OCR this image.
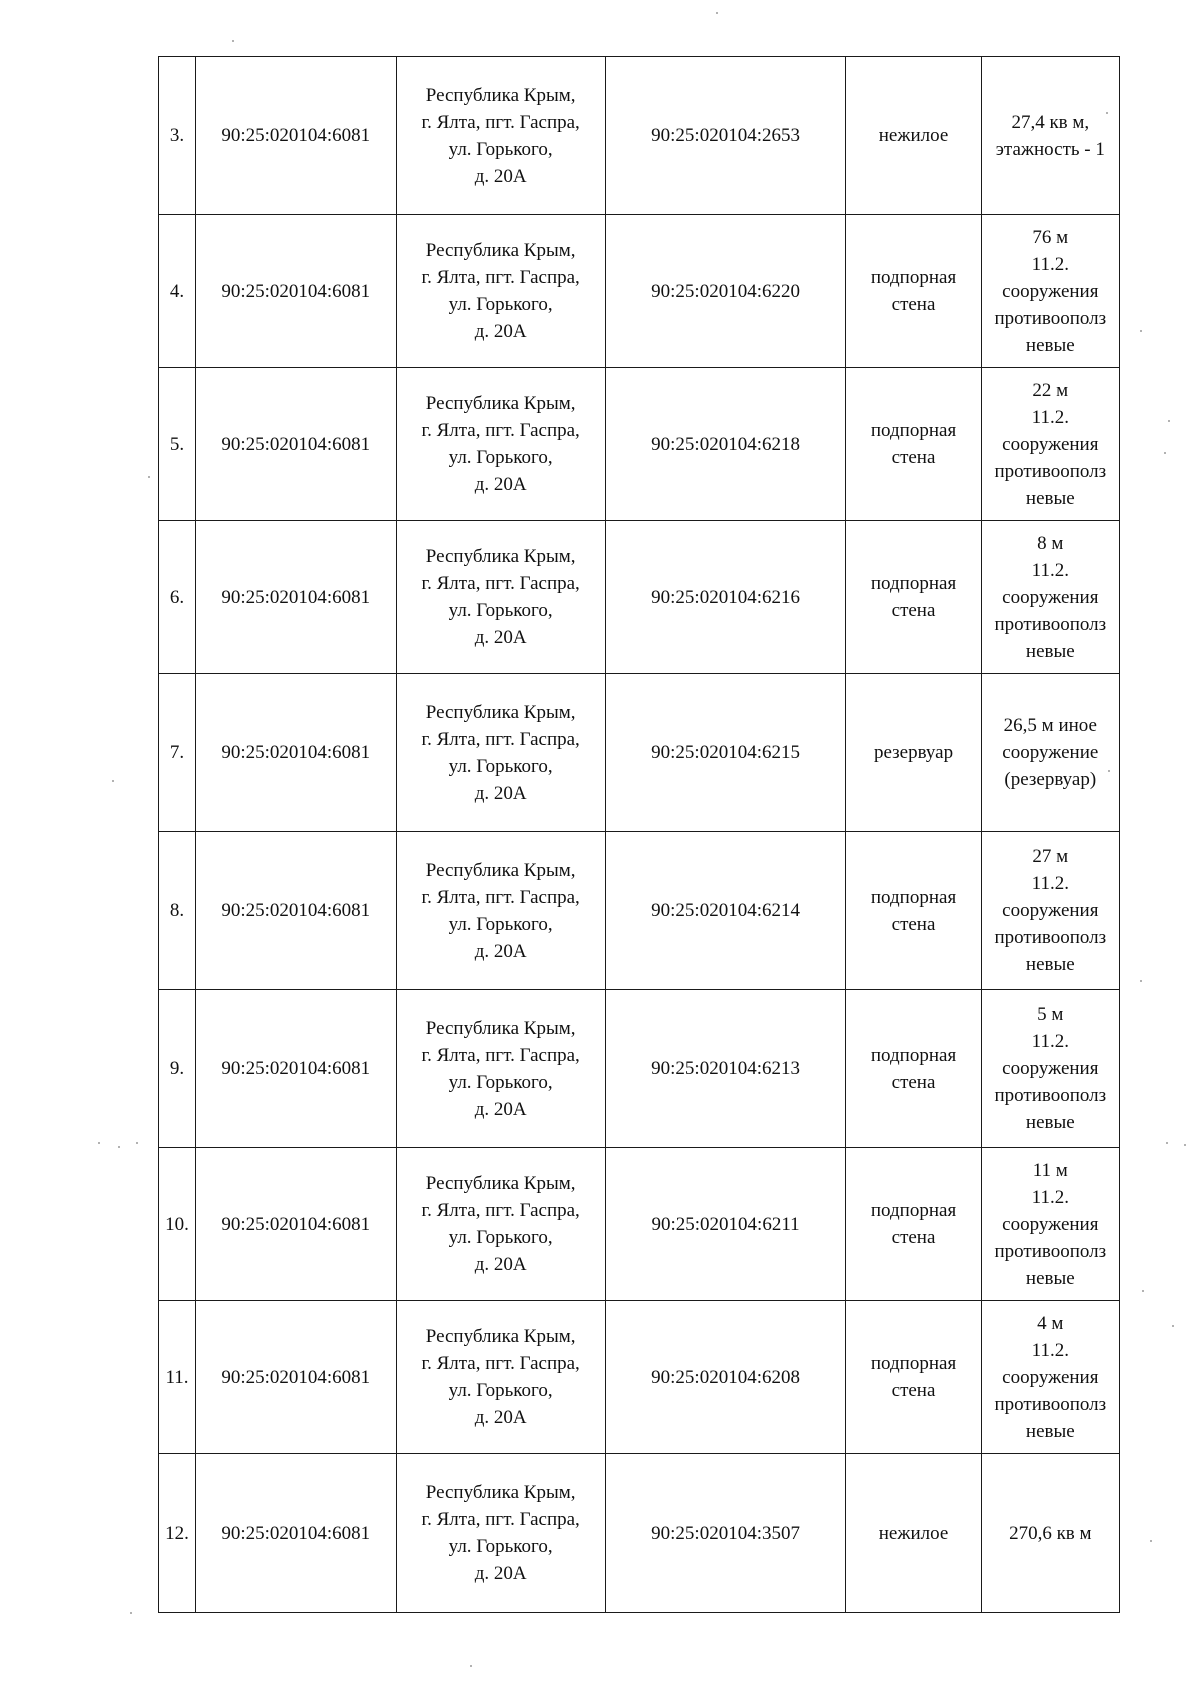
3.	90:25:020104:6081	Республика Крым,
г. Ялта, пгт. Гаспра,
ул. Горького,
д. 20А	90:25:020104:2653	нежилое	27,4 кв м,
этажность - 1

4.	90:25:020104:6081	Республика Крым,
г. Ялта, пгт. Гаспра,
ул. Горького,
д. 20А	90:25:020104:6220	подпорная стена	76 м
11.2.
сооружения
противоополз
невые

5.	90:25:020104:6081	Республика Крым,
г. Ялта, пгт. Гаспра,
ул. Горького,
д. 20А	90:25:020104:6218	подпорная стена	22 м
11.2.
сооружения
противоополз
невые

6.	90:25:020104:6081	Республика Крым,
г. Ялта, пгт. Гаспра,
ул. Горького,
д. 20А	90:25:020104:6216	подпорная стена	8 м
11.2.
сооружения
противоополз
невые

7.	90:25:020104:6081	Республика Крым,
г. Ялта, пгт. Гаспра,
ул. Горького,
д. 20А	90:25:020104:6215	резервуар	26,5 м иное
сооружение
(резервуар)

8.	90:25:020104:6081	Республика Крым,
г. Ялта, пгт. Гаспра,
ул. Горького,
д. 20А	90:25:020104:6214	подпорная стена	27 м
11.2.
сооружения
противоополз
невые

9.	90:25:020104:6081	Республика Крым,
г. Ялта, пгт. Гаспра,
ул. Горького,
д. 20А	90:25:020104:6213	подпорная стена	5 м
11.2.
сооружения
противоополз
невые

10.	90:25:020104:6081	Республика Крым,
г. Ялта, пгт. Гаспра,
ул. Горького,
д. 20А	90:25:020104:6211	подпорная стена	11 м
11.2.
сооружения
противоополз
невые

11.	90:25:020104:6081	Республика Крым,
г. Ялта, пгт. Гаспра,
ул. Горького,
д. 20А	90:25:020104:6208	подпорная стена	4 м
11.2.
сооружения
противоополз
невые

12.	90:25:020104:6081	Республика Крым,
г. Ялта, пгт. Гаспра,
ул. Горького,
д. 20А	90:25:020104:3507	нежилое	270,6 кв м
